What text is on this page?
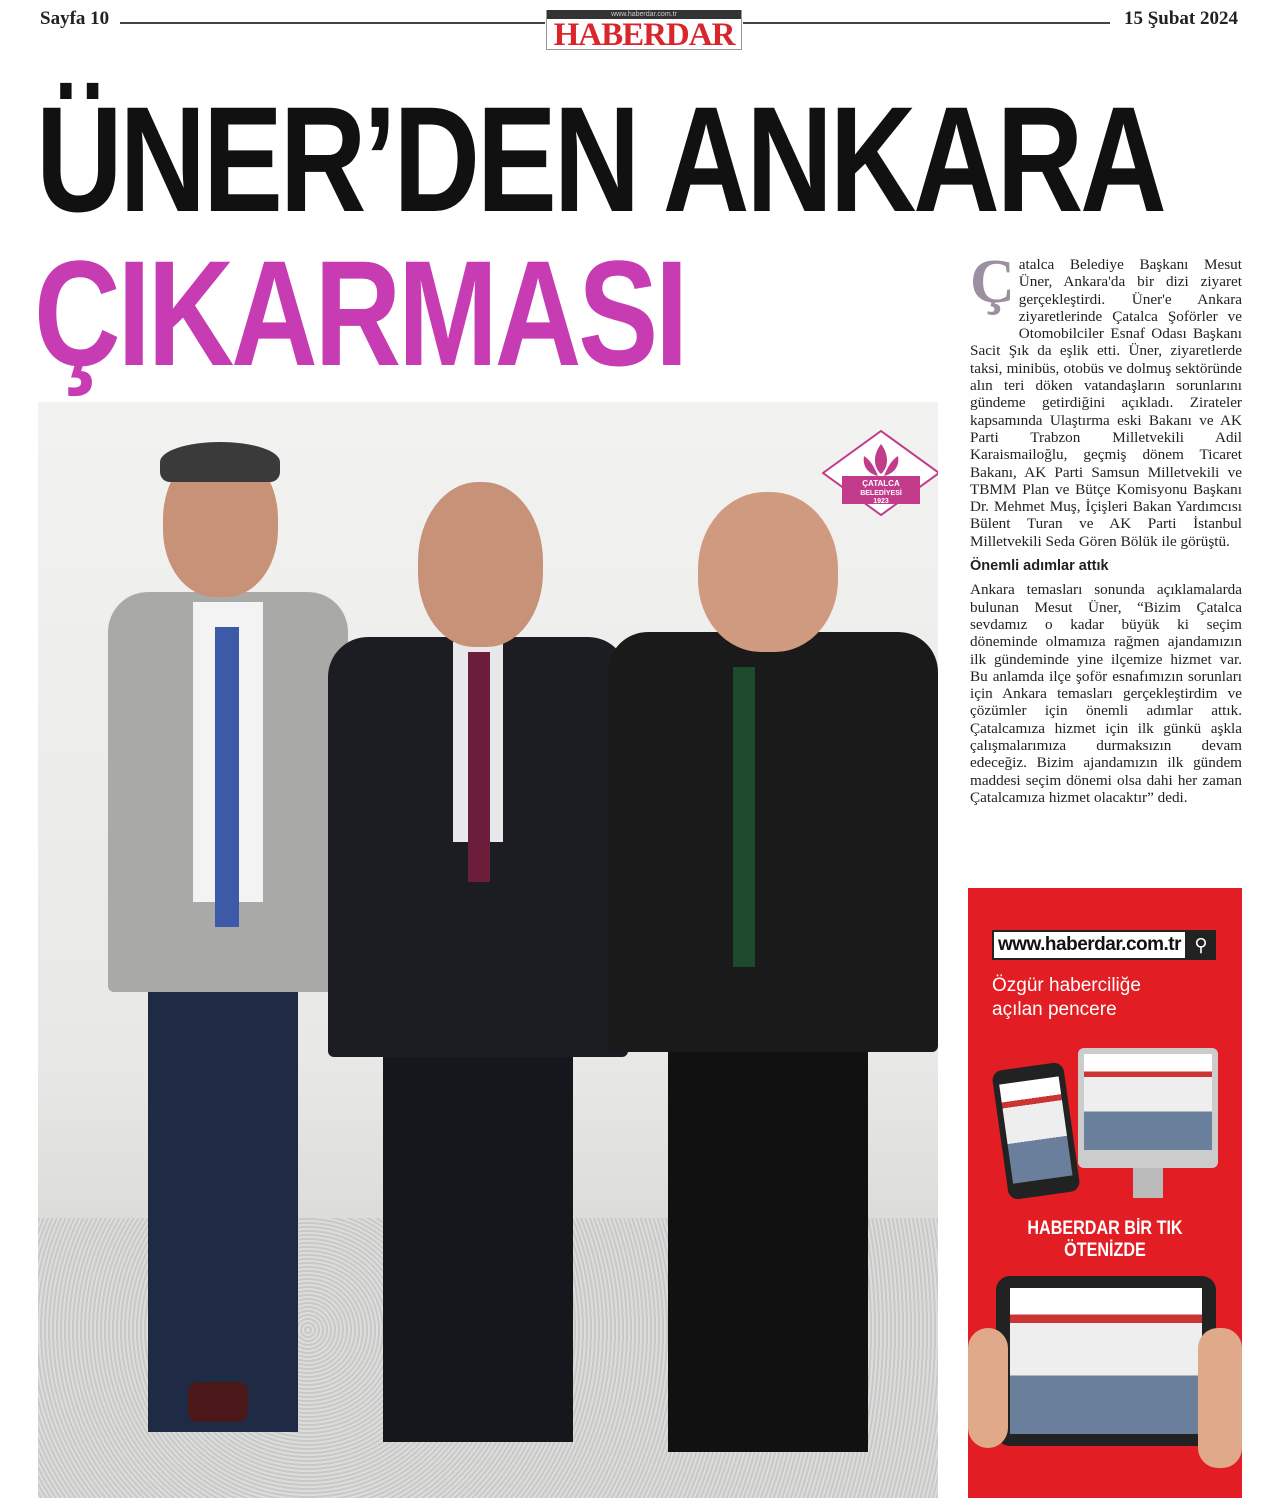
Sayfa 10	www.haberdar.com.tr
HABERDAR	15 Şubat 2024
ÜNER’DEN ANKARA
ÇIKARMASI
ÇATALCA
BELEDİYESİ
1923
Ç atalca Belediye Başkanı Mesut Üner, Ankara'da bir dizi ziyaret gerçekleştirdi. Üner'e Ankara ziyaretlerinde Çatalca Şoförler ve Otomobilciler Esnaf Odası Başkanı Sacit Şık da eşlik etti. Üner, ziyaretlerde taksi, minibüs, otobüs ve dolmuş sektöründe alın teri döken vatandaşların sorunlarını gündeme getirdiğini açıkladı. Zirateler kapsamında Ulaştırma eski Bakanı ve AK Parti Trabzon Milletvekili Adil Karaismailoğlu, geçmiş dönem Ticaret Bakanı, AK Parti Samsun Milletvekili ve TBMM Plan ve Bütçe Komisyonu Başkanı Dr. Mehmet Muş, İçişleri Bakan Yardımcısı Bülent Turan ve AK Parti İstanbul Milletvekili Seda Gören Bölük ile görüştü.

Önemli adımlar attık

Ankara temasları sonunda açıklamalarda bulunan Mesut Üner, “Bizim Çatalca sevdamız o kadar büyük ki seçim döneminde olmamıza rağmen ajandamızın ilk gündeminde yine ilçemize hizmet var. Bu anlamda ilçe şoför esnafımızın sorunları için Ankara temasları gerçekleştirdim ve çözümler için önemli adımlar attık. Çatalcamıza hizmet için ilk günkü aşkla çalışmalarımıza durmaksızın devam edeceğiz. Bizim ajandamızın ilk gündem maddesi seçim dönemi olsa dahi her zaman Çatalcamıza hizmet olacaktır” dedi.

www.haberdar.com.tr ⚲
Özgür haberciliğe
açılan pencere
HABERDAR BİR TIK ÖTENİZDE
